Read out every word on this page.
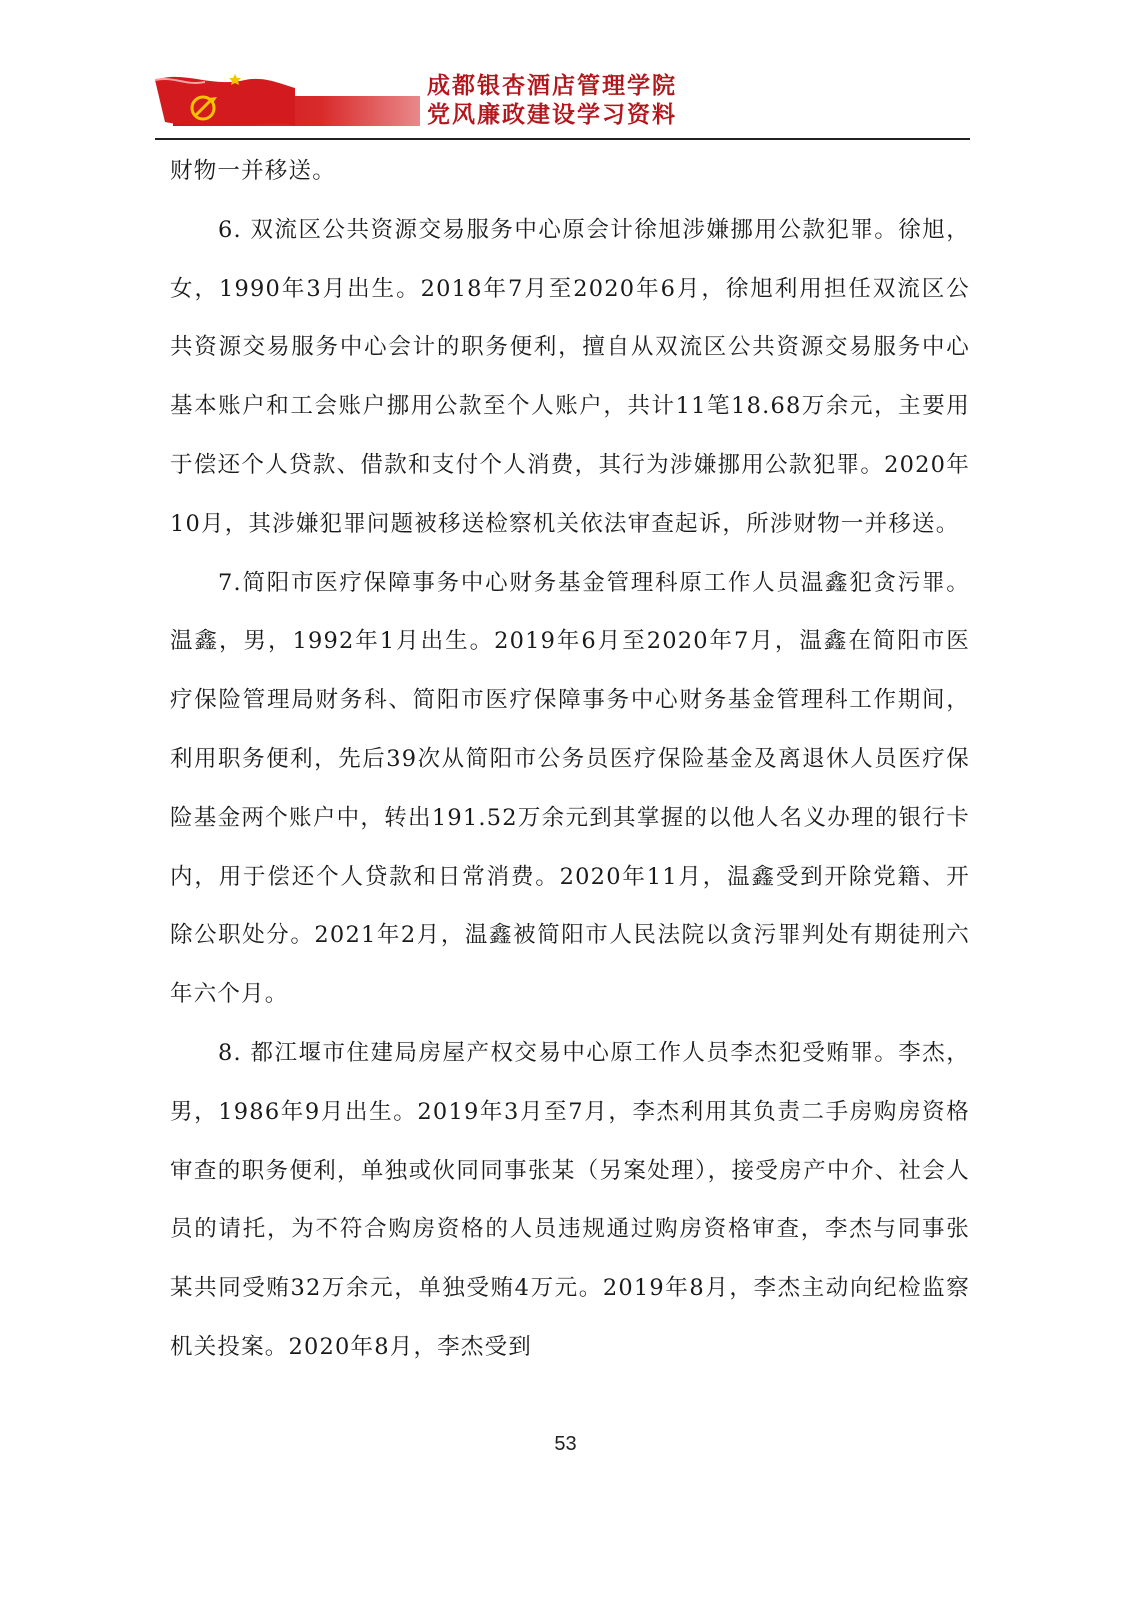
成都银杏酒店管理学院
党风廉政建设学习资料

财物一并移送。

6. 双流区公共资源交易服务中心原会计徐旭涉嫌挪用公款犯罪。徐旭，女，1990年3月出生。2018年7月至2020年6月，徐旭利用担任双流区公共资源交易服务中心会计的职务便利，擅自从双流区公共资源交易服务中心基本账户和工会账户挪用公款至个人账户，共计11笔18.68万余元，主要用于偿还个人贷款、借款和支付个人消费，其行为涉嫌挪用公款犯罪。2020年10月，其涉嫌犯罪问题被移送检察机关依法审查起诉，所涉财物一并移送。

7.简阳市医疗保障事务中心财务基金管理科原工作人员温鑫犯贪污罪。温鑫，男，1992年1月出生。2019年6月至2020年7月，温鑫在简阳市医疗保险管理局财务科、简阳市医疗保障事务中心财务基金管理科工作期间，利用职务便利，先后39次从简阳市公务员医疗保险基金及离退休人员医疗保险基金两个账户中，转出191.52万余元到其掌握的以他人名义办理的银行卡内，用于偿还个人贷款和日常消费。2020年11月，温鑫受到开除党籍、开除公职处分。2021年2月，温鑫被简阳市人民法院以贪污罪判处有期徒刑六年六个月。

8. 都江堰市住建局房屋产权交易中心原工作人员李杰犯受贿罪。李杰，男，1986年9月出生。2019年3月至7月，李杰利用其负责二手房购房资格审查的职务便利，单独或伙同同事张某（另案处理），接受房产中介、社会人员的请托，为不符合购房资格的人员违规通过购房资格审查，李杰与同事张某共同受贿32万余元，单独受贿4万元。2019年8月，李杰主动向纪检监察机关投案。2020年8月，李杰受到

53
